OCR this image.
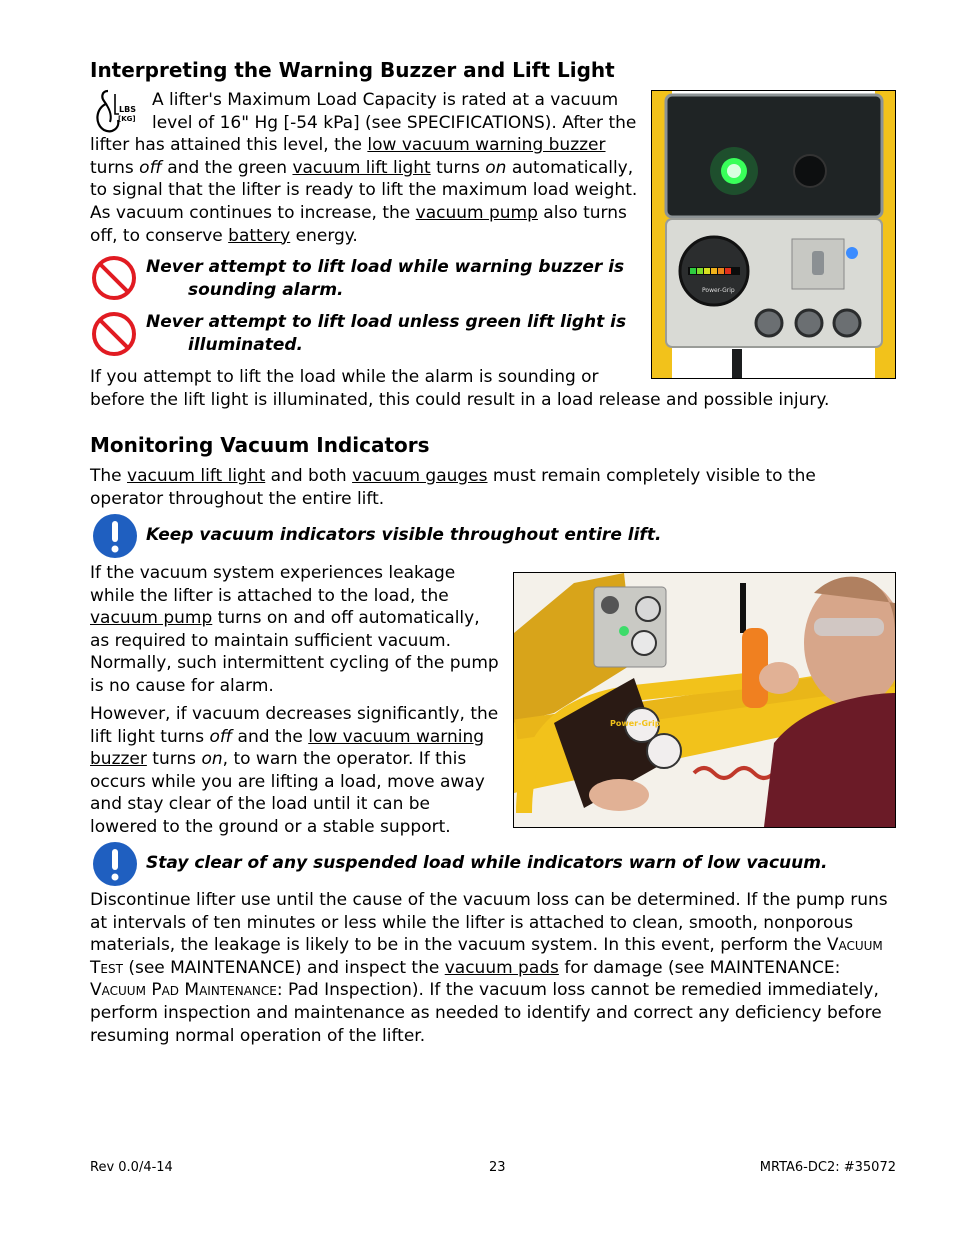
Interpreting the Warning Buzzer and Lift Light
LBS
[KG]
A lifter's Maximum Load Capacity is rated at a vacuum level of 16" Hg [-54 kPa] (see SPECIFICATIONS). After the lifter has attained this level, the low vacuum warning buzzer turns off and the green vacuum lift light turns on automatically, to signal that the lifter is ready to lift the maximum load weight. As vacuum continues to increase, the vacuum pump also turns off, to conserve battery energy.
Never attempt to lift load while warning buzzer is
sounding alarm.
Never attempt to lift load unless green lift light is
illuminated.
If you attempt to lift the load while the alarm is sounding or
before the lift light is illuminated, this could result in a load release and possible injury.
Power-Grip
Monitoring Vacuum Indicators
The vacuum lift light and both vacuum gauges must remain completely visible to the operator throughout the entire lift.
Keep vacuum indicators visible throughout entire lift.
If the vacuum system experiences leakage while the lifter is attached to the load, the vacuum pump turns on and off automatically, as required to maintain sufficient vacuum. Normally, such intermittent cycling of the pump is no cause for alarm.
However, if vacuum decreases significantly, the lift light turns off and the low vacuum warning buzzer turns on, to warn the operator. If this occurs while you are lifting a load, move away and stay clear of the load until it can be lowered to the ground or a stable support.
Power-Grip
Stay clear of any suspended load while indicators warn of low vacuum.
Discontinue lifter use until the cause of the vacuum loss can be determined. If the pump runs at intervals of ten minutes or less while the lifter is attached to clean, smooth, nonporous materials, the leakage is likely to be in the vacuum system. In this event, perform the Vacuum Test (see MAINTENANCE) and inspect the vacuum pads for damage (see MAINTENANCE: Vacuum Pad Maintenance: Pad Inspection). If the vacuum loss cannot be remedied immediately, perform inspection and maintenance as needed to identify and correct any deficiency before resuming normal operation of the lifter.
Rev 0.0/4-14	23	MRTA6-DC2: #35072
